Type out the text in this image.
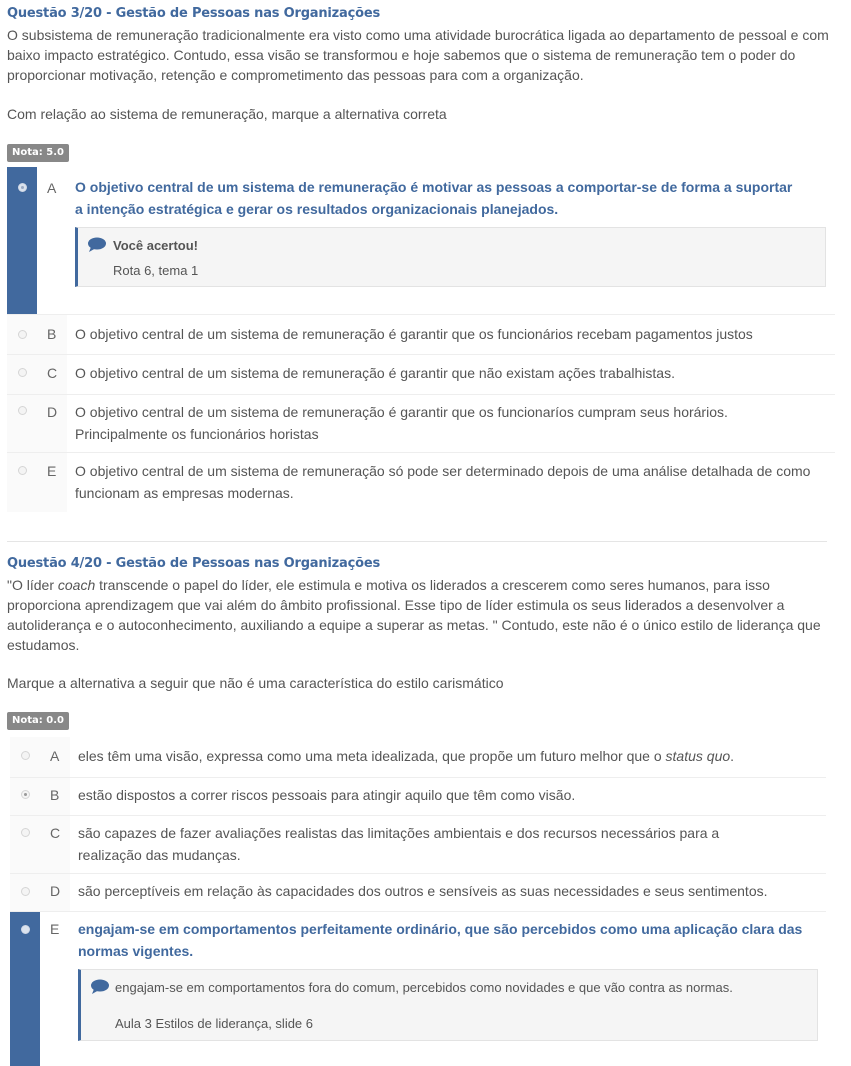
Questão 3/20 - Gestão de Pessoas nas Organizações
O subsistema de remuneração tradicionalmente era visto como uma atividade burocrática ligada ao departamento de pessoal e com baixo impacto estratégico. Contudo, essa visão se transformou e hoje sabemos que o sistema de remuneração tem o poder do proporcionar motivação, retenção e comprometimento das pessoas para com a organização.
Com relação ao sistema de remuneração, marque a alternativa correta
Nota: 5.0
A O objetivo central de um sistema de remuneração é motivar as pessoas a comportar-se de forma a suportar a intenção estratégica e gerar os resultados organizacionais planejados.
Você acertou!
Rota 6, tema 1
B O objetivo central de um sistema de remuneração é garantir que os funcionários recebam pagamentos justos
C O objetivo central de um sistema de remuneração é garantir que não existam ações trabalhistas.
D O objetivo central de um sistema de remuneração é garantir que os funcionaríos cumpram seus horários. Principalmente os funcionários horistas
E O objetivo central de um sistema de remuneração só pode ser determinado depois de uma análise detalhada de como funcionam as empresas modernas.
Questão 4/20 - Gestão de Pessoas nas Organizações
"O líder coach transcende o papel do líder, ele estimula e motiva os liderados a crescerem como seres humanos, para isso proporciona aprendizagem que vai além do âmbito profissional. Esse tipo de líder estimula os seus liderados a desenvolver a autoliderança e o autoconhecimento, auxiliando a equipe a superar as metas. " Contudo, este não é o único estilo de liderança que estudamos.
Marque a alternativa a seguir que não é uma característica do estilo carismático
Nota: 0.0
A eles têm uma visão, expressa como uma meta idealizada, que propõe um futuro melhor que o status quo.
B estão dispostos a correr riscos pessoais para atingir aquilo que têm como visão.
C são capazes de fazer avaliações realistas das limitações ambientais e dos recursos necessários para a realização das mudanças.
D são perceptíveis em relação às capacidades dos outros e sensíveis as suas necessidades e seus sentimentos.
E engajam-se em comportamentos perfeitamente ordinário, que são percebidos como uma aplicação clara das normas vigentes.
engajam-se em comportamentos fora do comum, percebidos como novidades e que vão contra as normas.
Aula 3 Estilos de liderança, slide 6
